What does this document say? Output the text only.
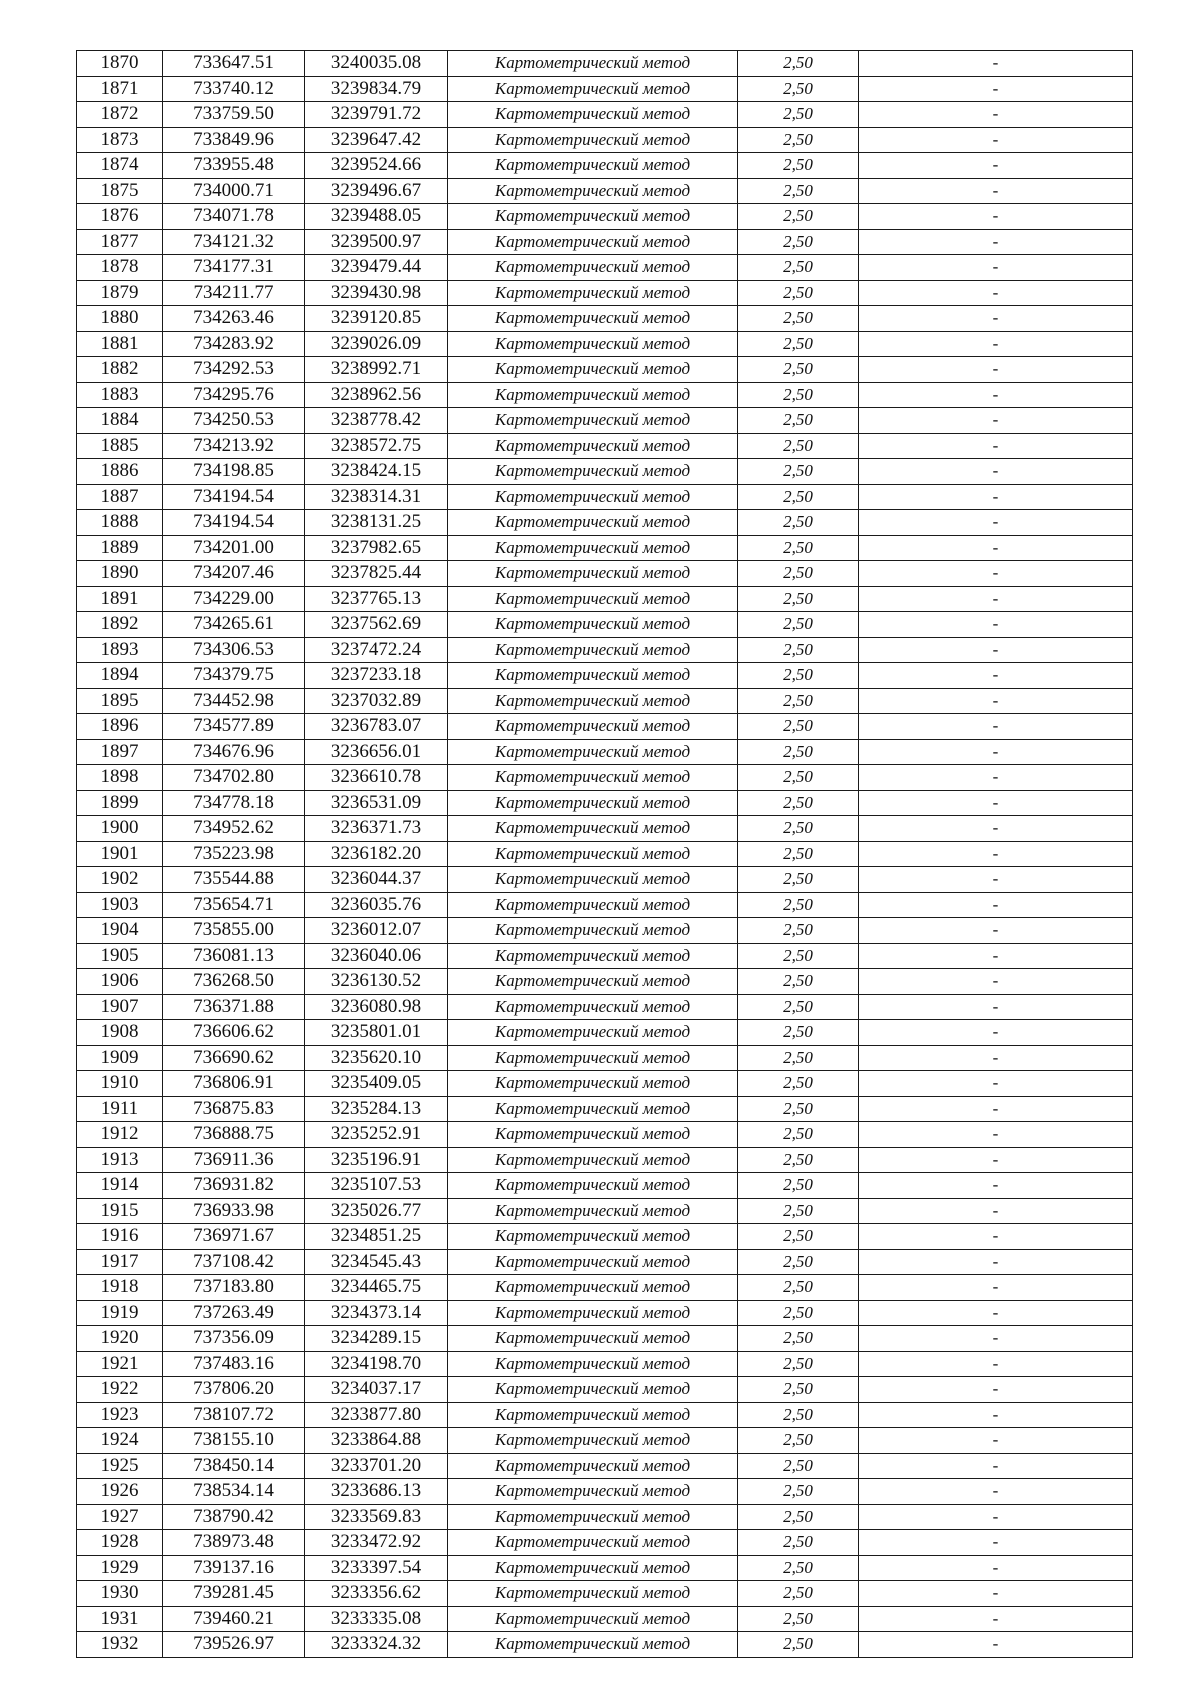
1870	733647.51	3240035.08	Картометрический метод	2,50	-
1871	733740.12	3239834.79	Картометрический метод	2,50	-
1872	733759.50	3239791.72	Картометрический метод	2,50	-
1873	733849.96	3239647.42	Картометрический метод	2,50	-
1874	733955.48	3239524.66	Картометрический метод	2,50	-
1875	734000.71	3239496.67	Картометрический метод	2,50	-
1876	734071.78	3239488.05	Картометрический метод	2,50	-
1877	734121.32	3239500.97	Картометрический метод	2,50	-
1878	734177.31	3239479.44	Картометрический метод	2,50	-
1879	734211.77	3239430.98	Картометрический метод	2,50	-
1880	734263.46	3239120.85	Картометрический метод	2,50	-
1881	734283.92	3239026.09	Картометрический метод	2,50	-
1882	734292.53	3238992.71	Картометрический метод	2,50	-
1883	734295.76	3238962.56	Картометрический метод	2,50	-
1884	734250.53	3238778.42	Картометрический метод	2,50	-
1885	734213.92	3238572.75	Картометрический метод	2,50	-
1886	734198.85	3238424.15	Картометрический метод	2,50	-
1887	734194.54	3238314.31	Картометрический метод	2,50	-
1888	734194.54	3238131.25	Картометрический метод	2,50	-
1889	734201.00	3237982.65	Картометрический метод	2,50	-
1890	734207.46	3237825.44	Картометрический метод	2,50	-
1891	734229.00	3237765.13	Картометрический метод	2,50	-
1892	734265.61	3237562.69	Картометрический метод	2,50	-
1893	734306.53	3237472.24	Картометрический метод	2,50	-
1894	734379.75	3237233.18	Картометрический метод	2,50	-
1895	734452.98	3237032.89	Картометрический метод	2,50	-
1896	734577.89	3236783.07	Картометрический метод	2,50	-
1897	734676.96	3236656.01	Картометрический метод	2,50	-
1898	734702.80	3236610.78	Картометрический метод	2,50	-
1899	734778.18	3236531.09	Картометрический метод	2,50	-
1900	734952.62	3236371.73	Картометрический метод	2,50	-
1901	735223.98	3236182.20	Картометрический метод	2,50	-
1902	735544.88	3236044.37	Картометрический метод	2,50	-
1903	735654.71	3236035.76	Картометрический метод	2,50	-
1904	735855.00	3236012.07	Картометрический метод	2,50	-
1905	736081.13	3236040.06	Картометрический метод	2,50	-
1906	736268.50	3236130.52	Картометрический метод	2,50	-
1907	736371.88	3236080.98	Картометрический метод	2,50	-
1908	736606.62	3235801.01	Картометрический метод	2,50	-
1909	736690.62	3235620.10	Картометрический метод	2,50	-
1910	736806.91	3235409.05	Картометрический метод	2,50	-
1911	736875.83	3235284.13	Картометрический метод	2,50	-
1912	736888.75	3235252.91	Картометрический метод	2,50	-
1913	736911.36	3235196.91	Картометрический метод	2,50	-
1914	736931.82	3235107.53	Картометрический метод	2,50	-
1915	736933.98	3235026.77	Картометрический метод	2,50	-
1916	736971.67	3234851.25	Картометрический метод	2,50	-
1917	737108.42	3234545.43	Картометрический метод	2,50	-
1918	737183.80	3234465.75	Картометрический метод	2,50	-
1919	737263.49	3234373.14	Картометрический метод	2,50	-
1920	737356.09	3234289.15	Картометрический метод	2,50	-
1921	737483.16	3234198.70	Картометрический метод	2,50	-
1922	737806.20	3234037.17	Картометрический метод	2,50	-
1923	738107.72	3233877.80	Картометрический метод	2,50	-
1924	738155.10	3233864.88	Картометрический метод	2,50	-
1925	738450.14	3233701.20	Картометрический метод	2,50	-
1926	738534.14	3233686.13	Картометрический метод	2,50	-
1927	738790.42	3233569.83	Картометрический метод	2,50	-
1928	738973.48	3233472.92	Картометрический метод	2,50	-
1929	739137.16	3233397.54	Картометрический метод	2,50	-
1930	739281.45	3233356.62	Картометрический метод	2,50	-
1931	739460.21	3233335.08	Картометрический метод	2,50	-
1932	739526.97	3233324.32	Картометрический метод	2,50	-
